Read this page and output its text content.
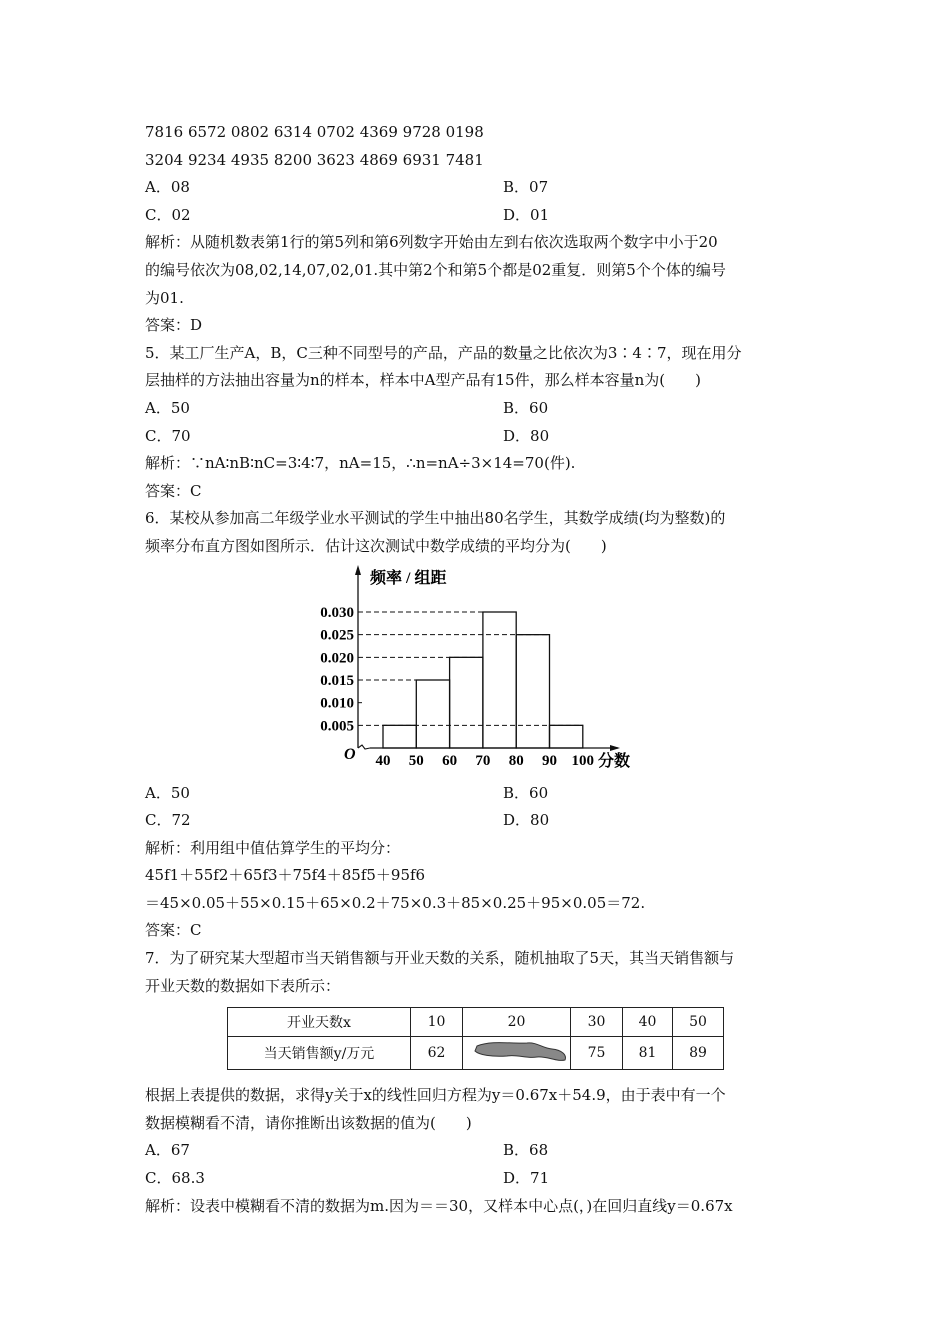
7816 6572 0802 6314 0702 4369 9728 0198
3204 9234 4935 8200 3623 4869 6931 7481
A．08	B．07
C．02	D．01
解析：从随机数表第1行的第5列和第6列数字开始由左到右依次选取两个数字中小于20
的编号依次为08,02,14,07,02,01.其中第2个和第5个都是02重复．则第5个个体的编号
为01.
答案：D
5．某工厂生产A，B，C三种不同型号的产品，产品的数量之比依次为3∶4∶7，现在用分
层抽样的方法抽出容量为n的样本，样本中A型产品有15件，那么样本容量n为(　　)
A．50	B．60
C．70	D．80
解析：∵nA∶nB∶nC=3∶4∶7，nA=15，∴n=nA÷3×14=70(件).
答案：C
6．某校从参加高二年级学业水平测试的学生中抽出80名学生，其数学成绩(均为整数)的
频率分布直方图如图所示．估计这次测试中数学成绩的平均分为(　　)
频率 / 组距
分数
O
0.005
0.010
0.015
0.020
0.025
0.030
40 50 60 70 80 90 100
A．50	B．60
C．72	D．80
解析：利用组中值估算学生的平均分：
45f1＋55f2＋65f3＋75f4＋85f5＋95f6
＝45×0.05＋55×0.15＋65×0.2＋75×0.3＋85×0.25＋95×0.05＝72.
答案：C
7．为了研究某大型超市当天销售额与开业天数的关系，随机抽取了5天，其当天销售额与
开业天数的数据如下表所示：
开业天数x	10	20	30	40	50
当天销售额y/万元	62		75	81	89
根据上表提供的数据，求得y关于x的线性回归方程为y＝0.67x＋54.9，由于表中有一个
数据模糊看不清，请你推断出该数据的值为(　　)
A．67	B．68
C．68.3	D．71
解析：设表中模糊看不清的数据为m.因为＝＝30，又样本中心点(，)在回归直线y＝0.67x
